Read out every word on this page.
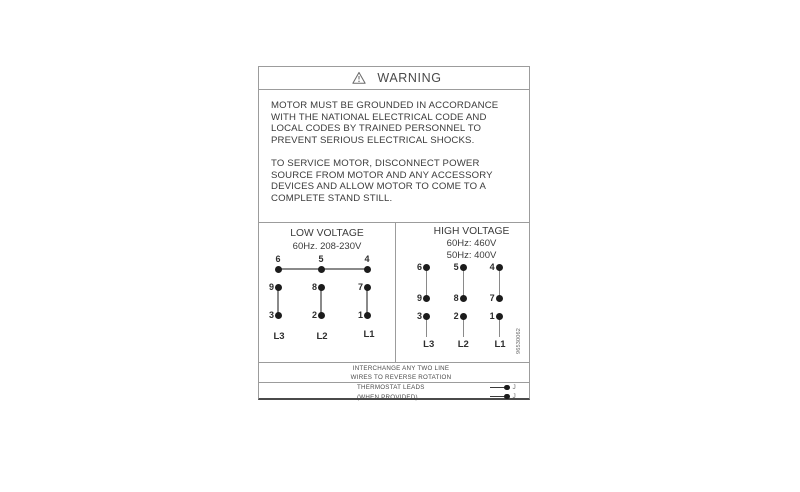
WARNING
MOTOR MUST BE GROUNDED IN ACCORDANCE
WITH THE NATIONAL ELECTRICAL CODE AND
LOCAL CODES BY TRAINED PERSONNEL TO
PREVENT SERIOUS ELECTRICAL SHOCKS.
TO SERVICE MOTOR, DISCONNECT POWER
SOURCE FROM MOTOR AND ANY ACCESSORY
DEVICES AND ALLOW MOTOR TO COME TO A
COMPLETE STAND STILL.
LOW VOLTAGE
60Hz. 208-230V
6	5	4
9	8	7
3	2	1
L3	L2	L1
HIGH VOLTAGE
60Hz: 460V
50Hz: 400V
6	5	4
9	8	7
3	2	1
L3	L2	L1	96530062
INTERCHANGE ANY TWO LINE
WIRES TO REVERSE ROTATION
THERMOSTAT LEADS
(WHEN PROVIDED)
J
J
